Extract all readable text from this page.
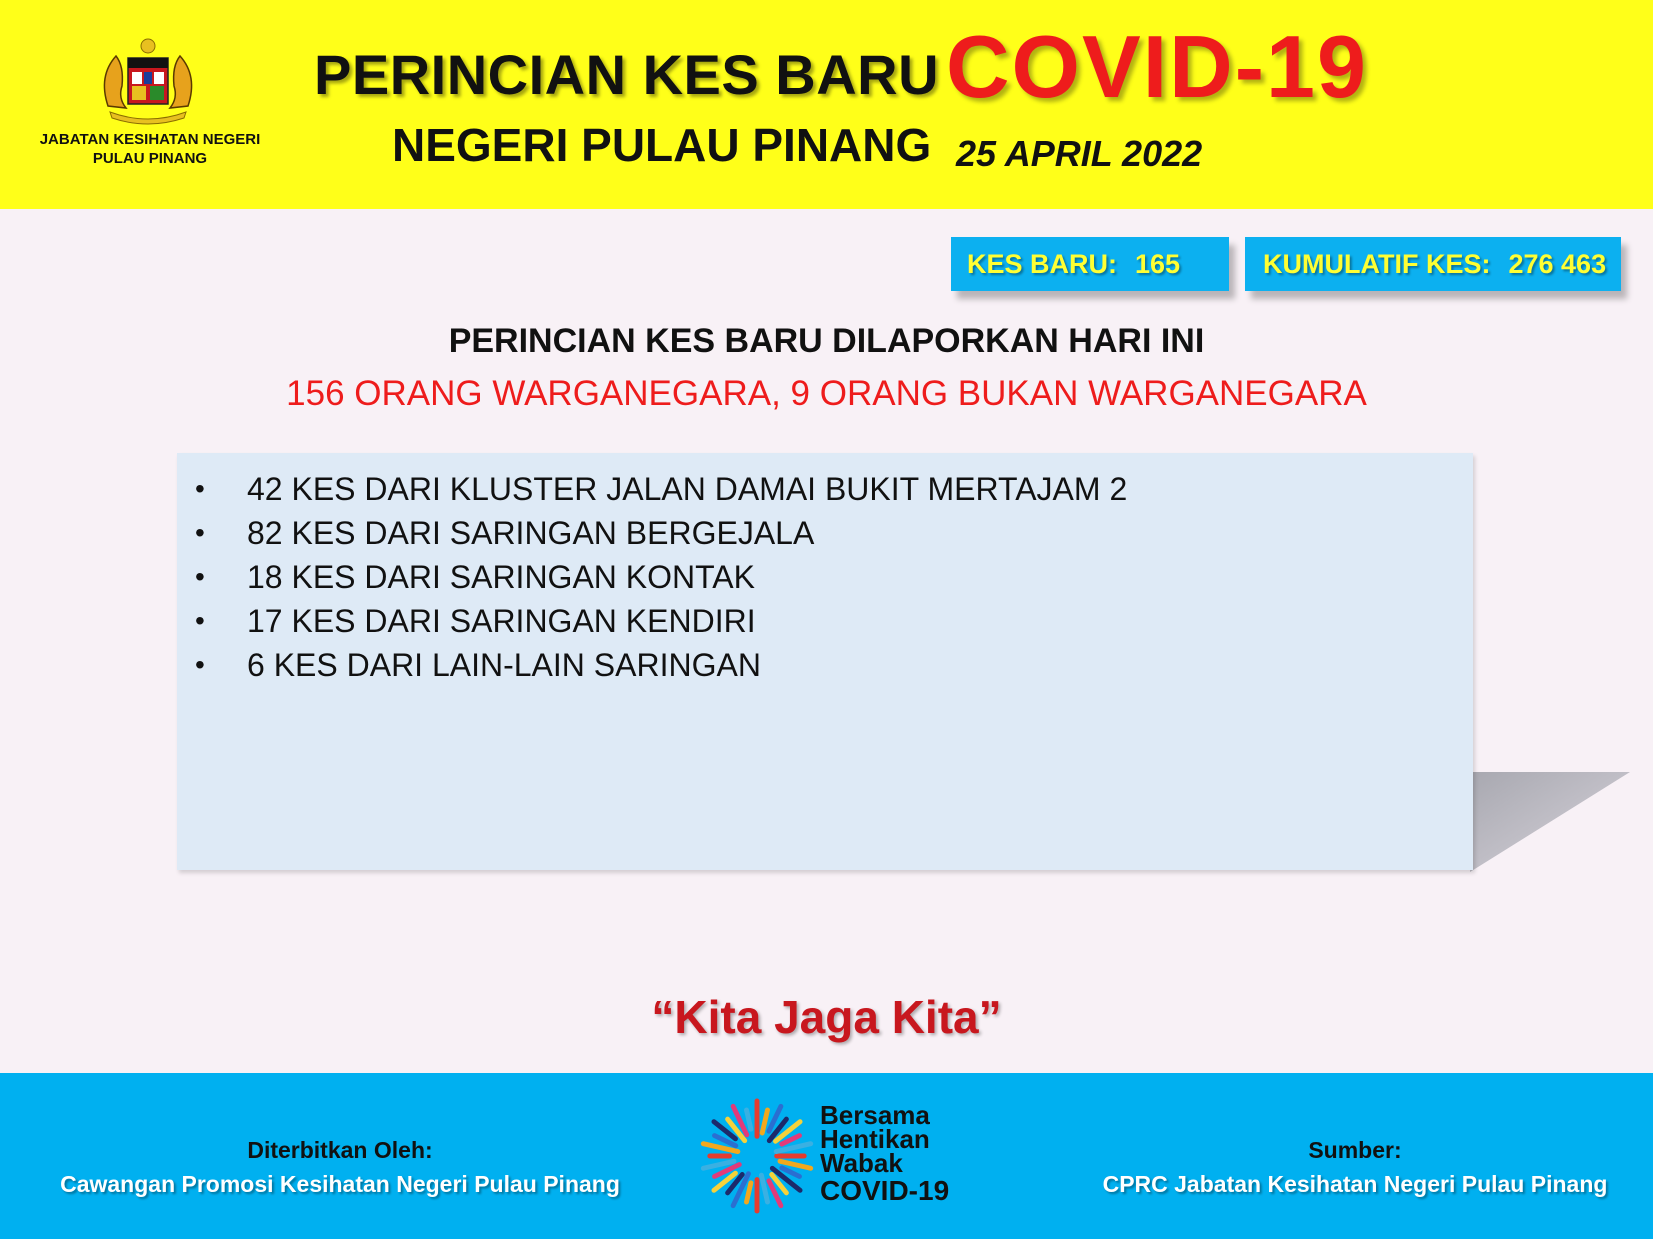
JABATAN KESIHATAN NEGERI
PULAU PINANG
PERINCIAN KES BARU COVID-19
NEGERI PULAU PINANG 25 APRIL 2022
KES BARU: 165	KUMULATIF KES: 276 463
PERINCIAN KES BARU DILAPORKAN HARI INI
156 ORANG WARGANEGARA, 9 ORANG BUKAN WARGANEGARA
• 42 KES DARI KLUSTER JALAN DAMAI BUKIT MERTAJAM 2
• 82 KES DARI SARINGAN BERGEJALA
• 18 KES DARI SARINGAN KONTAK
• 17 KES DARI SARINGAN KENDIRI
• 6 KES DARI LAIN-LAIN SARINGAN
“Kita Jaga Kita”
Diterbitkan Oleh:
Cawangan Promosi Kesihatan Negeri Pulau Pinang
Bersama
Hentikan
Wabak
COVID-19
Sumber:
CPRC Jabatan Kesihatan Negeri Pulau Pinang
